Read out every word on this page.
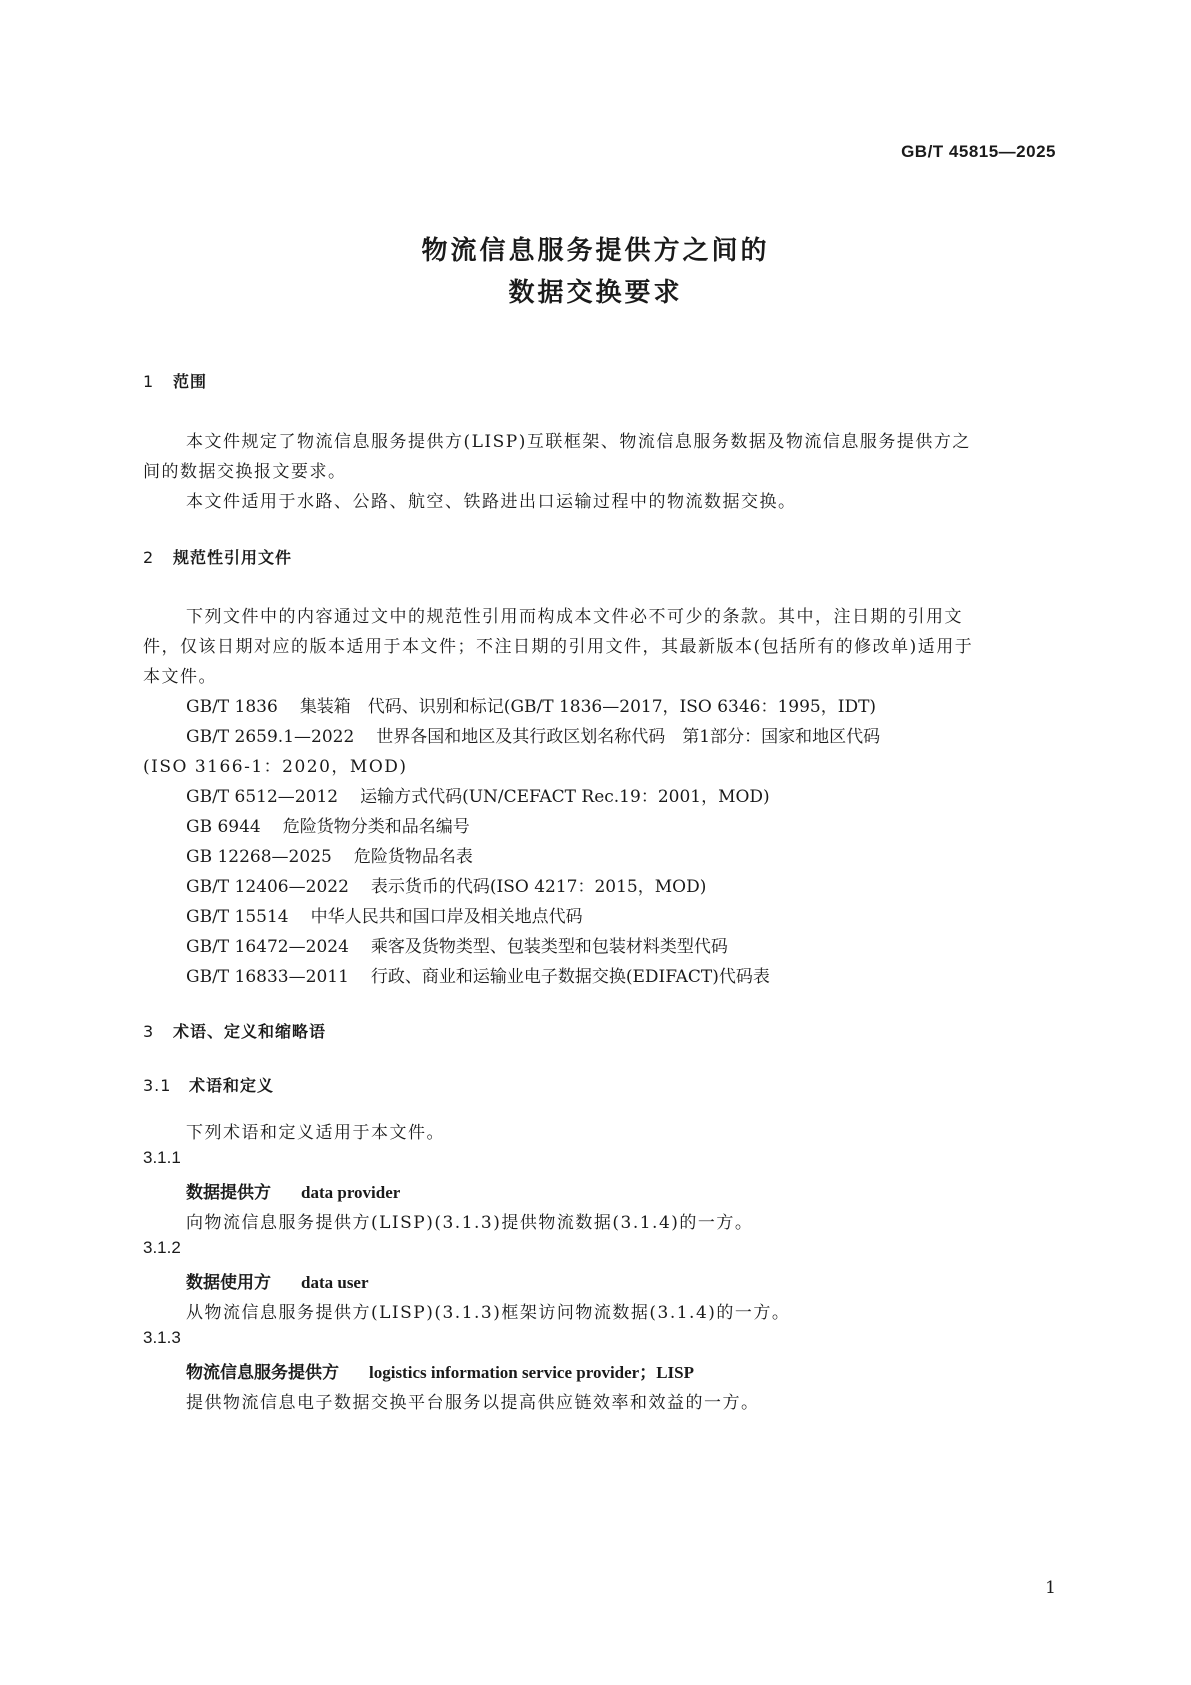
GB/T 45815—2025
物流信息服务提供方之间的
数据交换要求
1 范围
本文件规定了物流信息服务提供方(LISP)互联框架、物流信息服务数据及物流信息服务提供方之
间的数据交换报文要求。
本文件适用于水路、公路、航空、铁路进出口运输过程中的物流数据交换。
2 规范性引用文件
下列文件中的内容通过文中的规范性引用而构成本文件必不可少的条款。其中，注日期的引用文
件，仅该日期对应的版本适用于本文件；不注日期的引用文件，其最新版本(包括所有的修改单)适用于
本文件。
GB/T 1836 集装箱　代码、识别和标记(GB/T 1836—2017，ISO 6346：1995，IDT)
GB/T 2659.1—2022 世界各国和地区及其行政区划名称代码　第1部分：国家和地区代码
(ISO 3166-1：2020，MOD)
GB/T 6512—2012 运输方式代码(UN/CEFACT Rec.19：2001，MOD)
GB 6944 危险货物分类和品名编号
GB 12268—2025 危险货物品名表
GB/T 12406—2022 表示货币的代码(ISO 4217：2015，MOD)
GB/T 15514 中华人民共和国口岸及相关地点代码
GB/T 16472—2024 乘客及货物类型、包装类型和包装材料类型代码
GB/T 16833—2011 行政、商业和运输业电子数据交换(EDIFACT)代码表
3 术语、定义和缩略语
3.1 术语和定义
下列术语和定义适用于本文件。
3.1.1
数据提供方 data provider
向物流信息服务提供方(LISP)(3.1.3)提供物流数据(3.1.4)的一方。
3.1.2
数据使用方 data user
从物流信息服务提供方(LISP)(3.1.3)框架访问物流数据(3.1.4)的一方。
3.1.3
物流信息服务提供方 logistics information service provider；LISP
提供物流信息电子数据交换平台服务以提高供应链效率和效益的一方。
1
